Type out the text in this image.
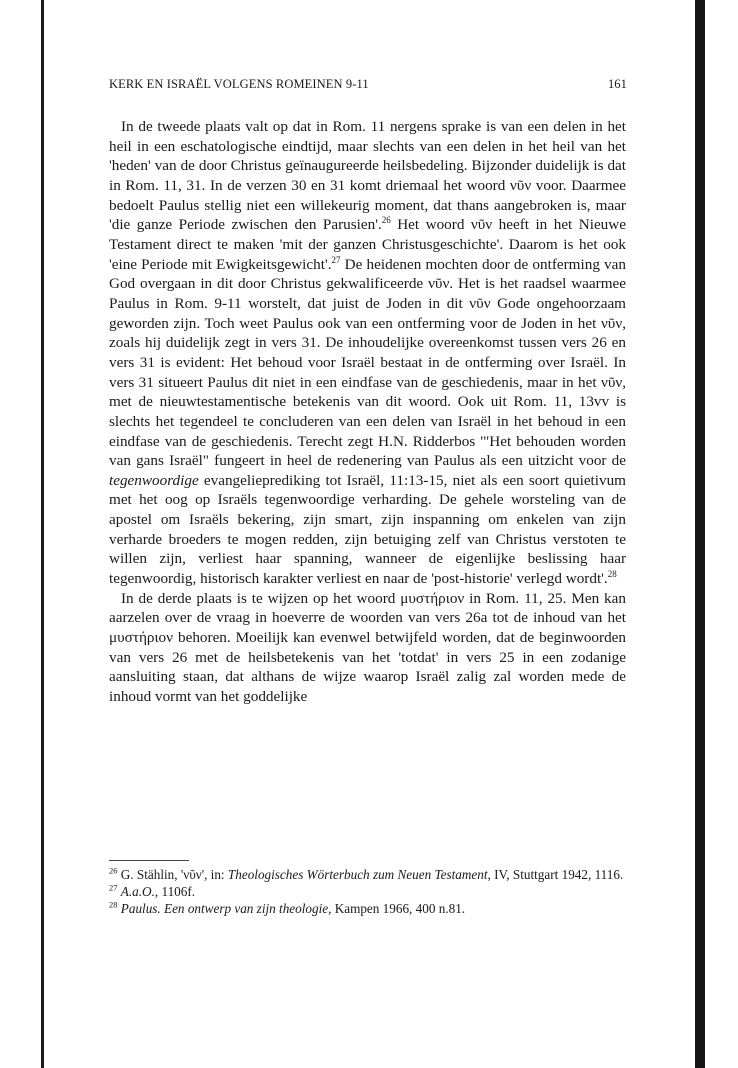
KERK EN ISRAËL VOLGENS ROMEINEN 9-11	161

In de tweede plaats valt op dat in Rom. 11 nergens sprake is van een delen in het heil in een eschatologische eindtijd, maar slechts van een delen in het heil van het 'heden' van de door Christus geïnaugureerde heilsbedeling. Bijzonder duidelijk is dat in Rom. 11, 31. In de verzen 30 en 31 komt driemaal het woord νῦν voor. Daarmee bedoelt Paulus stellig niet een willekeurig moment, dat thans aangebroken is, maar 'die ganze Periode zwischen den Parusien'.$^{26}$ Het woord νῦν heeft in het Nieuwe Testament direct te maken 'mit der ganzen Christusgeschichte'. Daarom is het ook 'eine Periode mit Ewigkeitsgewicht'.$^{27}$ De heidenen mochten door de ontferming van God overgaan in dit door Christus gekwalificeerde νῦν. Het is het raadsel waarmee Paulus in Rom. 9-11 worstelt, dat juist de Joden in dit νῦν Gode ongehoorzaam geworden zijn. Toch weet Paulus ook van een ontferming voor de Joden in het νῦν, zoals hij duidelijk zegt in vers 31. De inhoudelijke overeenkomst tussen vers 26 en vers 31 is evident: Het behoud voor Israël bestaat in de ontferming over Israël. In vers 31 situeert Paulus dit niet in een eindfase van de geschiedenis, maar in het νῦν, met de nieuwtestamentische betekenis van dit woord. Ook uit Rom. 11, 13vv is slechts het tegendeel te concluderen van een delen van Israël in het behoud in een eindfase van de geschiedenis. Terecht zegt H.N. Ridderbos '"Het behouden worden van gans Israël" fungeert in heel de redenering van Paulus als een uitzicht voor de tegenwoordige evangelieprediking tot Israël, 11:13-15, niet als een soort quietivum met het oog op Israëls tegenwoordige verharding. De gehele worsteling van de apostel om Israëls bekering, zijn smart, zijn inspanning om enkelen van zijn verharde broeders te mogen redden, zijn betuiging zelf van Christus verstoten te willen zijn, verliest haar spanning, wanneer de eigenlijke beslissing haar tegenwoordig, historisch karakter verliest en naar de 'post-historie' verlegd wordt'.$^{28}$

In de derde plaats is te wijzen op het woord μυστήριον in Rom. 11, 25. Men kan aarzelen over de vraag in hoeverre de woorden van vers 26a tot de inhoud van het μυστήριον behoren. Moeilijk kan evenwel betwijfeld worden, dat de beginwoorden van vers 26 met de heilsbetekenis van het 'totdat' in vers 25 in een zodanige aansluiting staan, dat althans de wijze waarop Israël zalig zal worden mede de inhoud vormt van het goddelijke

$^{26}$ G. Stählin, 'νῦν', in: Theologisches Wörterbuch zum Neuen Testament, IV, Stuttgart 1942, 1116.

$^{27}$ A.a.O., 1106f.

$^{28}$ Paulus. Een ontwerp van zijn theologie, Kampen 1966, 400 n.81.
